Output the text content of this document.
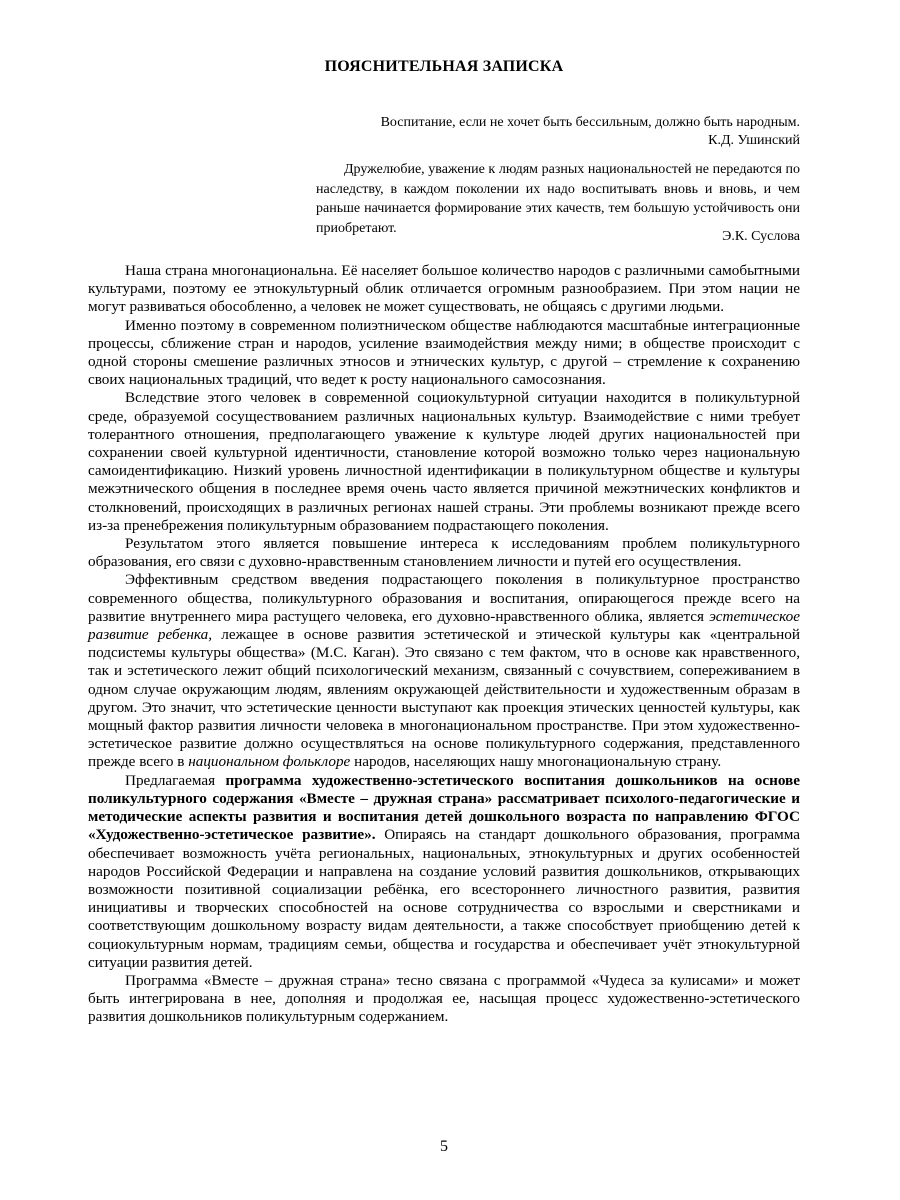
ПОЯСНИТЕЛЬНАЯ ЗАПИСКА
Воспитание, если не хочет быть бессильным, должно быть народным.
К.Д. Ушинский
Дружелюбие, уважение к людям разных национальностей не передаются по наследству, в каждом поколении их надо воспитывать вновь и вновь, и чем раньше начинается формирование этих качеств, тем большую устойчивость они приобретают.
Э.К. Суслова

Наша страна многонациональна. Её населяет большое количество народов с различными самобытными культурами, поэтому ее этнокультурный облик отличается огромным разнообразием. При этом нации не могут развиваться обособленно, а человек не может существовать, не общаясь с другими людьми.

Именно поэтому в современном полиэтническом обществе наблюдаются масштабные интеграционные процессы, сближение стран и народов, усиление взаимодействия между ними; в обществе происходит с одной стороны смешение различных этносов и этнических культур, с другой – стремление к сохранению своих национальных традиций, что ведет к росту национального самосознания.

Вследствие этого человек в современной социокультурной ситуации находится в поликультурной среде, образуемой сосуществованием различных национальных культур. Взаимодействие с ними требует толерантного отношения, предполагающего уважение к культуре людей других национальностей при сохранении своей культурной идентичности, становление которой возможно только через национальную самоидентификацию. Низкий уровень личностной идентификации в поликультурном обществе и культуры межэтнического общения в последнее время очень часто является причиной межэтнических конфликтов и столкновений, происходящих в различных регионах нашей страны. Эти проблемы возникают прежде всего из-за пренебрежения поликультурным образованием подрастающего поколения.

Результатом этого является повышение интереса к исследованиям проблем поликультурного образования, его связи с духовно-нравственным становлением личности и путей его осуществления.

Эффективным средством введения подрастающего поколения в поликультурное пространство современного общества, поликультурного образования и воспитания, опирающегося прежде всего на развитие внутреннего мира растущего человека, его духовно-нравственного облика, является эстетическое развитие ребенка, лежащее в основе развития эстетической и этической культуры как «центральной подсистемы культуры общества» (М.С. Каган). Это связано с тем фактом, что в основе как нравственного, так и эстетического лежит общий психологический механизм, связанный с сочувствием, сопереживанием в одном случае окружающим людям, явлениям окружающей действительности и художественным образам в другом. Это значит, что эстетические ценности выступают как проекция этических ценностей культуры, как мощный фактор развития личности человека в многонациональном пространстве. При этом художественно-эстетическое развитие должно осуществляться на основе поликультурного содержания, представленного прежде всего в национальном фольклоре народов, населяющих нашу многонациональную страну.

Предлагаемая программа художественно-эстетического воспитания дошкольников на основе поликультурного содержания «Вместе – дружная страна» рассматривает психолого-педагогические и методические аспекты развития и воспитания детей дошкольного возраста по направлению ФГОС «Художественно-эстетическое развитие». Опираясь на стандарт дошкольного образования, программа обеспечивает возможность учёта региональных, национальных, этнокультурных и других особенностей народов Российской Федерации и направлена на создание условий развития дошкольников, открывающих возможности позитивной социализации ребёнка, его всестороннего личностного развития, развития инициативы и творческих способностей на основе сотрудничества со взрослыми и сверстниками и соответствующим дошкольному возрасту видам деятельности, а также способствует приобщению детей к социокультурным нормам, традициям семьи, общества и государства и обеспечивает учёт этнокультурной ситуации развития детей.

Программа «Вместе – дружная страна» тесно связана с программой «Чудеса за кулисами» и может быть интегрирована в нее, дополняя и продолжая ее, насыщая процесс художественно-эстетического развития дошкольников поликультурным содержанием.

5
